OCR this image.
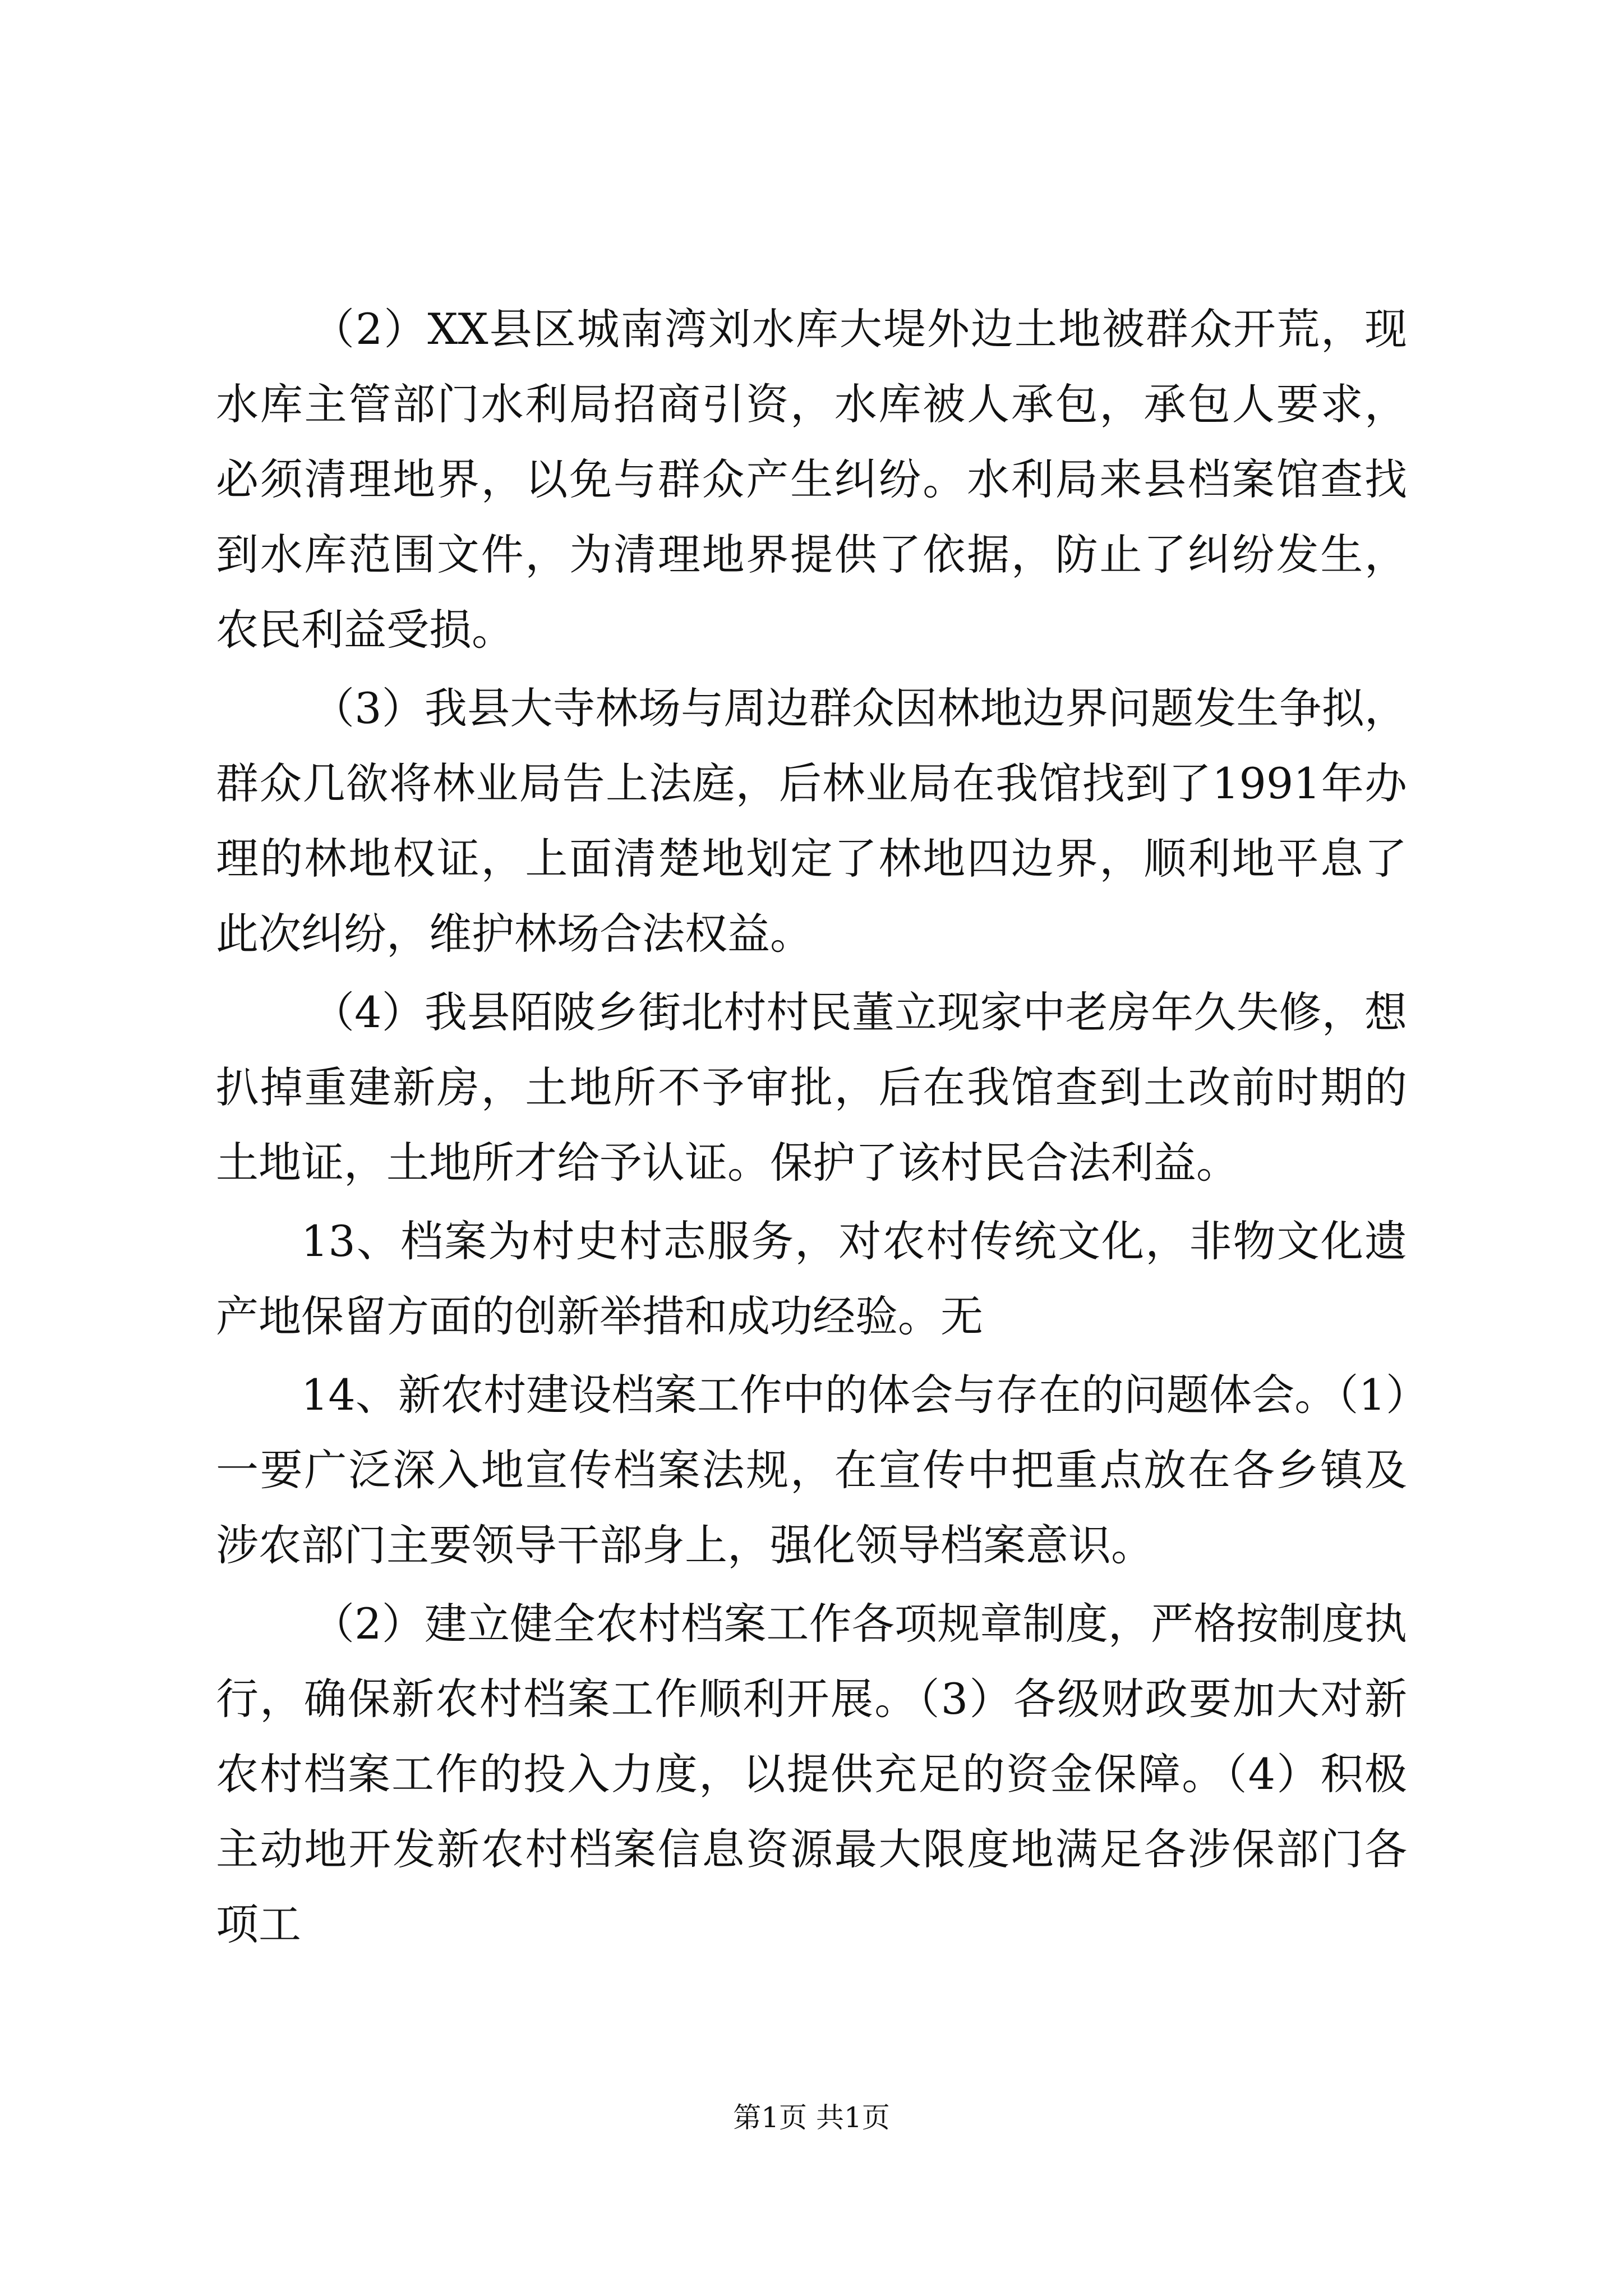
（2）XX县区城南湾刘水库大堤外边土地被群众开荒，现水库主管部门水利局招商引资，水库被人承包，承包人要求，必须清理地界，以免与群众产生纠纷。水利局来县档案馆查找到水库范围文件，为清理地界提供了依据，防止了纠纷发生，农民利益受损。

（3）我县大寺林场与周边群众因林地边界问题发生争拟，群众几欲将林业局告上法庭，后林业局在我馆找到了1991年办理的林地权证，上面清楚地划定了林地四边界，顺利地平息了此次纠纷，维护林场合法权益。

（4）我县陌陂乡街北村村民董立现家中老房年久失修，想扒掉重建新房，土地所不予审批，后在我馆查到土改前时期的土地证，土地所才给予认证。保护了该村民合法利益。

13、档案为村史村志服务，对农村传统文化，非物文化遗产地保留方面的创新举措和成功经验。无

14、新农村建设档案工作中的体会与存在的问题体会。（1）一要广泛深入地宣传档案法规，在宣传中把重点放在各乡镇及涉农部门主要领导干部身上，强化领导档案意识。

（2）建立健全农村档案工作各项规章制度，严格按制度执行，确保新农村档案工作顺利开展。（3）各级财政要加大对新农村档案工作的投入力度，以提供充足的资金保障。（4）积极主动地开发新农村档案信息资源最大限度地满足各涉保部门各项工

第1页 共1页
